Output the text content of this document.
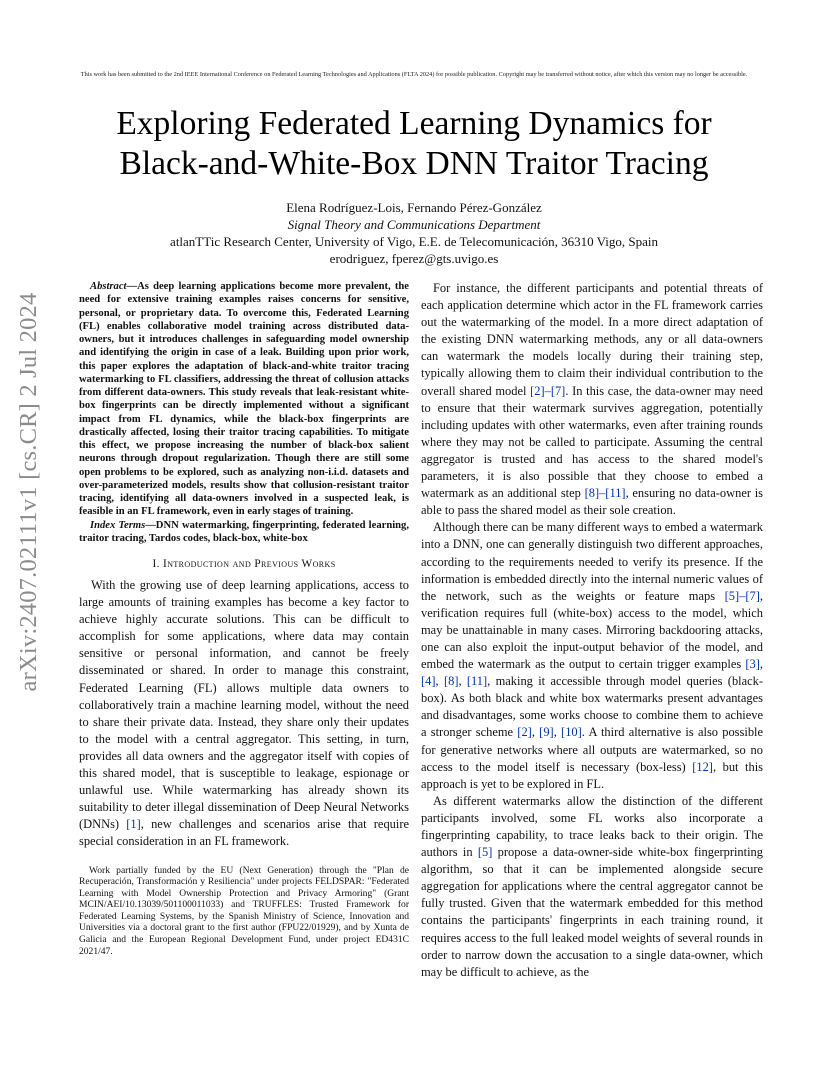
This work has been submitted to the 2nd IEEE International Conference on Federated Learning Technologies and Applications (FLTA 2024) for possible publication. Copyright may be transferred without notice, after which this version may no longer be accessible.
Exploring Federated Learning Dynamics for
Black-and-White-Box DNN Traitor Tracing
Elena Rodríguez-Lois, Fernando Pérez-González
Signal Theory and Communications Department
atlanTTic Research Center, University of Vigo, E.E. de Telecomunicación, 36310 Vigo, Spain
erodriguez, fperez@gts.uvigo.es
arXiv:2407.02111v1 [cs.CR] 2 Jul 2024

Abstract—As deep learning applications become more prevalent, the need for extensive training examples raises concerns for sensitive, personal, or proprietary data. To overcome this, Federated Learning (FL) enables collaborative model training across distributed data-owners, but it introduces challenges in safeguarding model ownership and identifying the origin in case of a leak. Building upon prior work, this paper explores the adaptation of black-and-white traitor tracing watermarking to FL classifiers, addressing the threat of collusion attacks from different data-owners. This study reveals that leak-resistant white-box fingerprints can be directly implemented without a significant impact from FL dynamics, while the black-box fingerprints are drastically affected, losing their traitor tracing capabilities. To mitigate this effect, we propose increasing the number of black-box salient neurons through dropout regularization. Though there are still some open problems to be explored, such as analyzing non-i.i.d. datasets and over-parameterized models, results show that collusion-resistant traitor tracing, identifying all data-owners involved in a suspected leak, is feasible in an FL framework, even in early stages of training.

Index Terms—DNN watermarking, fingerprinting, federated learning, traitor tracing, Tardos codes, black-box, white-box

I. Introduction and Previous Works

With the growing use of deep learning applications, access to large amounts of training examples has become a key factor to achieve highly accurate solutions. This can be difficult to accomplish for some applications, where data may contain sensitive or personal information, and cannot be freely disseminated or shared. In order to manage this constraint, Federated Learning (FL) allows multiple data owners to collaboratively train a machine learning model, without the need to share their private data. Instead, they share only their updates to the model with a central aggregator. This setting, in turn, provides all data owners and the aggregator itself with copies of this shared model, that is susceptible to leakage, espionage or unlawful use. While watermarking has already shown its suitability to deter illegal dissemination of Deep Neural Networks (DNNs) [1], new challenges and scenarios arise that require special consideration in an FL framework.

Work partially funded by the EU (Next Generation) through the "Plan de Recuperación, Transformación y Resiliencia" under projects FELDSPAR: "Federated Learning with Model Ownership Protection and Privacy Armoring" (Grant MCIN/AEI/10.13039/501100011033) and TRUFFLES: Trusted Framework for Federated Learning Systems, by the Spanish Ministry of Science, Innovation and Universities via a doctoral grant to the first author (FPU22/01929), and by Xunta de Galicia and the European Regional Development Fund, under project ED431C 2021/47.

For instance, the different participants and potential threats of each application determine which actor in the FL framework carries out the watermarking of the model. In a more direct adaptation of the existing DNN watermarking methods, any or all data-owners can watermark the models locally during their training step, typically allowing them to claim their individual contribution to the overall shared model [2]–[7]. In this case, the data-owner may need to ensure that their watermark survives aggregation, potentially including updates with other watermarks, even after training rounds where they may not be called to participate. Assuming the central aggregator is trusted and has access to the shared model's parameters, it is also possible that they choose to embed a watermark as an additional step [8]–[11], ensuring no data-owner is able to pass the shared model as their sole creation.

Although there can be many different ways to embed a watermark into a DNN, one can generally distinguish two different approaches, according to the requirements needed to verify its presence. If the information is embedded directly into the internal numeric values of the network, such as the weights or feature maps [5]–[7], verification requires full (white-box) access to the model, which may be unattainable in many cases. Mirroring backdooring attacks, one can also exploit the input-output behavior of the model, and embed the watermark as the output to certain trigger examples [3], [4], [8], [11], making it accessible through model queries (black-box). As both black and white box watermarks present advantages and disadvantages, some works choose to combine them to achieve a stronger scheme [2], [9], [10]. A third alternative is also possible for generative networks where all outputs are watermarked, so no access to the model itself is necessary (box-less) [12], but this approach is yet to be explored in FL.

As different watermarks allow the distinction of the different participants involved, some FL works also incorporate a fingerprinting capability, to trace leaks back to their origin. The authors in [5] propose a data-owner-side white-box fingerprinting algorithm, so that it can be implemented alongside secure aggregation for applications where the central aggregator cannot be fully trusted. Given that the watermark embedded for this method contains the participants' fingerprints in each training round, it requires access to the full leaked model weights of several rounds in order to narrow down the accusation to a single data-owner, which may be difficult to achieve, as the
